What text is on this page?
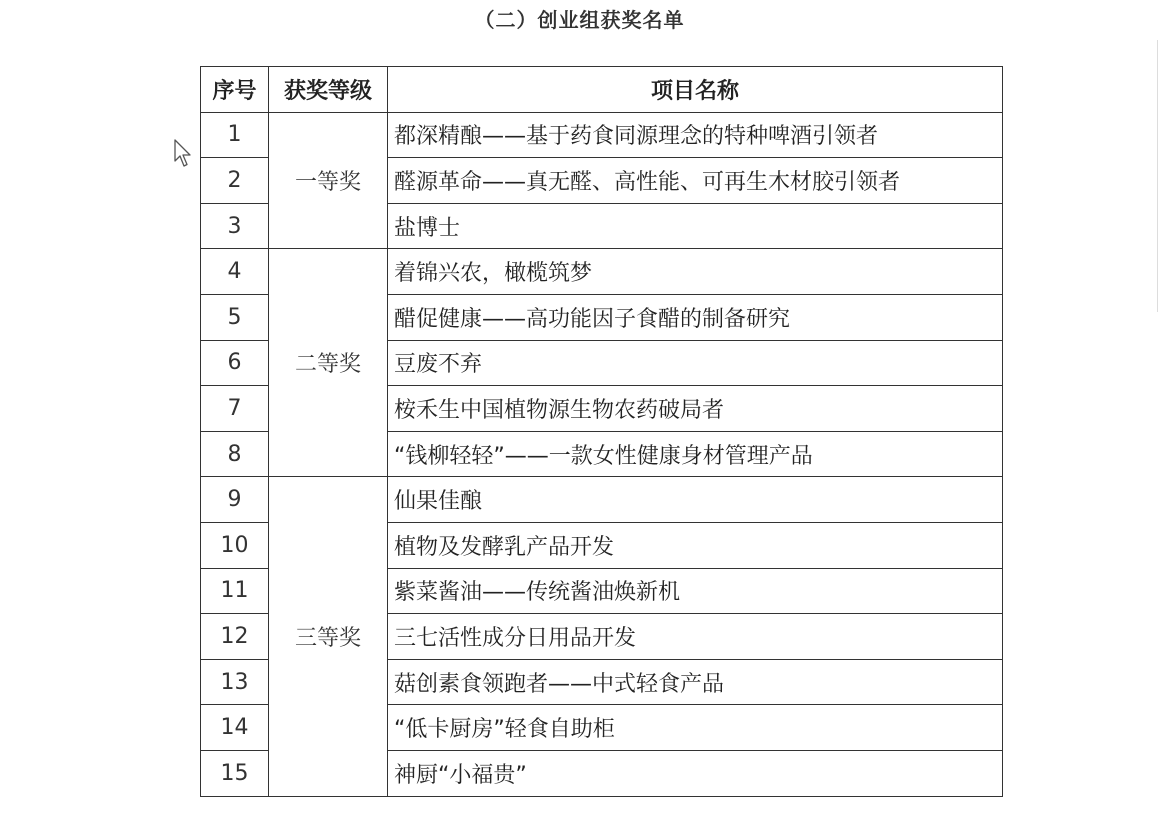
（二）创业组获奖名单
序号	获奖等级	项目名称
1	一等奖	都深精酿——基于药食同源理念的特种啤酒引领者
2		醛源革命——真无醛、高性能、可再生木材胶引领者
3		盐博士
4	二等奖	着锦兴农，橄榄筑梦
5		醋促健康——高功能因子食醋的制备研究
6		豆废不弃
7		桉禾生中国植物源生物农药破局者
8		“钱柳轻轻”——一款女性健康身材管理产品
9	三等奖	仙果佳酿
10		植物及发酵乳产品开发
11		紫菜酱油——传统酱油焕新机
12		三七活性成分日用品开发
13		菇创素食领跑者——中式轻食产品
14		“低卡厨房”轻食自助柜
15		神厨“小福贵”
